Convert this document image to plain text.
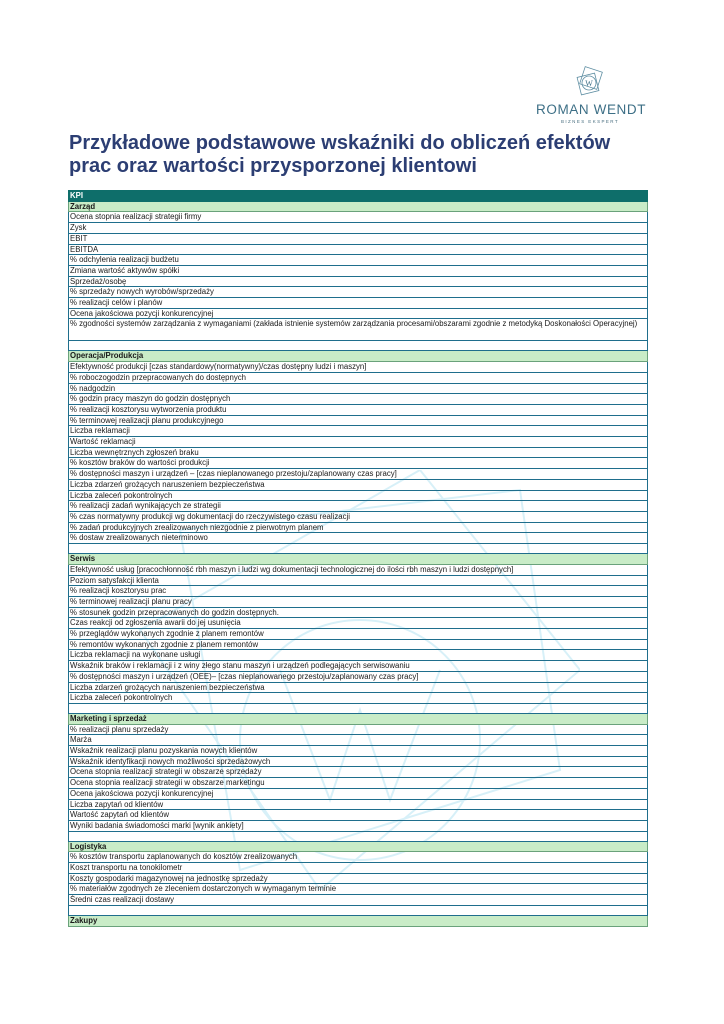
W
ROMAN WENDT
BIZNES EKSPERT
Przykładowe podstawowe wskaźniki do obliczeń efektów
prac oraz wartości przysporzonej klientowi
KPI
Zarząd
Ocena stopnia realizacji strategii firmy
Zysk
EBIT
EBITDA
% odchylenia realizacji budżetu
Zmiana wartość aktywów spółki
Sprzedaż/osobę
% sprzedaży nowych wyrobów/sprzedaży
% realizacji celów i planów
Ocena jakościowa pozycji konkurencyjnej
% zgodności systemów zarządzania z wymaganiami (zakłada istnienie systemów zarządzania procesami/obszarami zgodnie z metodyką Doskonałości Operacyjnej)

Operacja/Produkcja
Efektywność produkcji [czas standardowy(normatywny)/czas dostępny ludzi i maszyn]
% roboczogodzin przepracowanych do dostępnych
% nadgodzin
% godzin pracy maszyn do godzin dostępnych
% realizacji kosztorysu wytworzenia produktu
% terminowej realizacji planu produkcyjnego
Liczba reklamacji
Wartość reklamacji
Liczba wewnętrznych zgłoszeń braku
% kosztów braków do wartości produkcji
% dostępności maszyn i urządzeń – [czas nieplanowanego przestoju/zaplanowany czas pracy]
Liczba zdarzeń grożących naruszeniem bezpieczeństwa
Liczba zaleceń pokontrolnych
% realizacji zadań wynikających ze strategii
% czas normatywny produkcji wg dokumentacji do rzeczywistego czasu realizacji
% zadań produkcyjnych zrealizowanych niezgodnie z pierwotnym planem
% dostaw zrealizowanych nieterminowo

Serwis
Efektywność usług [pracochłonność rbh maszyn i ludzi wg dokumentacji technologicznej do ilości rbh maszyn i ludzi dostępnych]
Poziom satysfakcji klienta
% realizacji kosztorysu prac
% terminowej realizacji planu pracy
% stosunek godzin przepracowanych do godzin dostępnych.
Czas reakcji od zgłoszenia awarii do jej usunięcia
% przeglądów wykonanych zgodnie z planem remontów
% remontów wykonanych zgodnie z planem remontów
Liczba reklamacji na wykonane usługi
Wskaźnik braków i reklamacji i z winy złego stanu maszyn i urządzeń podlegających serwisowaniu
% dostępności maszyn i urządzeń (OEE)– [czas nieplanowanego przestoju/zaplanowany czas pracy]
Liczba zdarzeń grożących naruszeniem bezpieczeństwa
Liczba zaleceń pokontrolnych

Marketing i sprzedaż
% realizacji planu sprzedaży
Marża
Wskaźnik realizacji planu pozyskania nowych klientów
Wskaźnik identyfikacji nowych możliwości sprzedażowych
Ocena stopnia realizacji strategii w obszarze sprzedaży
Ocena stopnia realizacji strategii w obszarze marketingu
Ocena jakościowa pozycji konkurencyjnej
Liczba zapytań od klientów
Wartość zapytań od klientów
Wyniki badania świadomości marki [wynik ankiety]

Logistyka
% kosztów transportu zaplanowanych do kosztów zrealizowanych
Koszt transportu na tonokilometr
Koszty gospodarki magazynowej na jednostkę sprzedaży
% materiałów zgodnych ze zleceniem dostarczonych w wymaganym terminie
Średni czas realizacji dostawy

Zakupy
